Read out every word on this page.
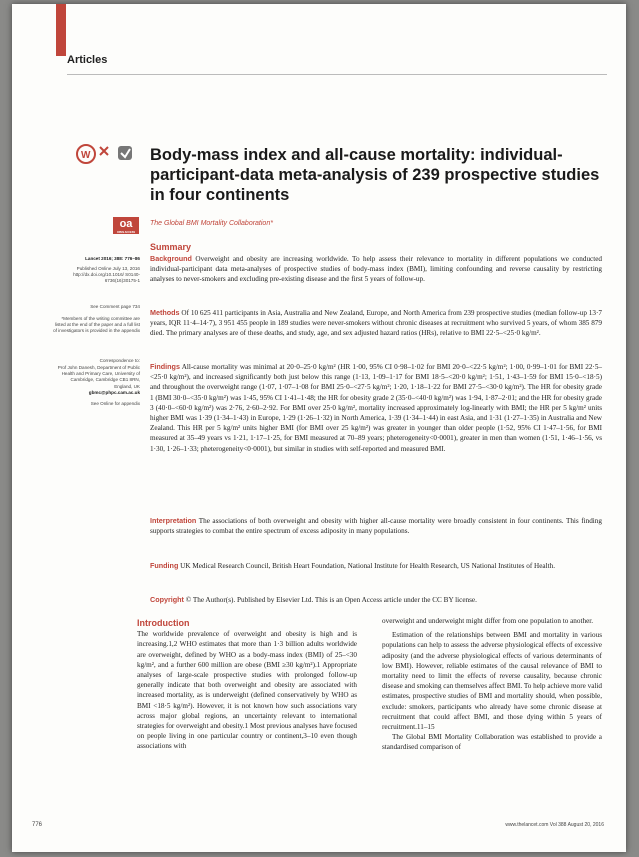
Articles
W	Body-mass index and all-cause mortality: individual-participant-data meta-analysis of 239 prospective studies in four continents
oa
OPEN ACCESS
The Global BMI Mortality Collaboration*
Lancet 2016; 388: 776–86
Published Online July 13, 2016 http://dx.doi.org/10.1016/ S0140-6736(16)30175-1
See Comment page 734
*Members of the writing committee are listed at the end of the paper and a full list of investigators is provided in the appendix
Correspondence to:
Prof John Danesh, Department of Public Health and Primary Care, University of Cambridge, Cambridge CB1 8RN, England, UK
gbmc@phpc.cam.ac.uk
See Online for appendix
Summary
Background Overweight and obesity are increasing worldwide. To help assess their relevance to mortality in different populations we conducted individual-participant data meta-analyses of prospective studies of body-mass index (BMI), limiting confounding and reverse causality by restricting analyses to never-smokers and excluding pre-existing disease and the first 5 years of follow-up.
Methods Of 10 625 411 participants in Asia, Australia and New Zealand, Europe, and North America from 239 prospective studies (median follow-up 13·7 years, IQR 11·4–14·7), 3 951 455 people in 189 studies were never-smokers without chronic diseases at recruitment who survived 5 years, of whom 385 879 died. The primary analyses are of these deaths, and study, age, and sex adjusted hazard ratios (HRs), relative to BMI 22·5–<25·0 kg/m².
Findings All-cause mortality was minimal at 20·0–25·0 kg/m² (HR 1·00, 95% CI 0·98–1·02 for BMI 20·0–<22·5 kg/m²; 1·00, 0·99–1·01 for BMI 22·5–<25·0 kg/m²), and increased significantly both just below this range (1·13, 1·09–1·17 for BMI 18·5–<20·0 kg/m²; 1·51, 1·43–1·59 for BMI 15·0–<18·5) and throughout the overweight range (1·07, 1·07–1·08 for BMI 25·0–<27·5 kg/m²; 1·20, 1·18–1·22 for BMI 27·5–<30·0 kg/m²). The HR for obesity grade 1 (BMI 30·0–<35·0 kg/m²) was 1·45, 95% CI 1·41–1·48; the HR for obesity grade 2 (35·0–<40·0 kg/m²) was 1·94, 1·87–2·01; and the HR for obesity grade 3 (40·0–<60·0 kg/m²) was 2·76, 2·60–2·92. For BMI over 25·0 kg/m², mortality increased approximately log-linearly with BMI; the HR per 5 kg/m² units higher BMI was 1·39 (1·34–1·43) in Europe, 1·29 (1·26–1·32) in North America, 1·39 (1·34–1·44) in east Asia, and 1·31 (1·27–1·35) in Australia and New Zealand. This HR per 5 kg/m² units higher BMI (for BMI over 25 kg/m²) was greater in younger than older people (1·52, 95% CI 1·47–1·56, for BMI measured at 35–49 years vs 1·21, 1·17–1·25, for BMI measured at 70–89 years; pheterogeneity<0·0001), greater in men than women (1·51, 1·46–1·56, vs 1·30, 1·26–1·33; pheterogeneity<0·0001), but similar in studies with self-reported and measured BMI.
Interpretation The associations of both overweight and obesity with higher all-cause mortality were broadly consistent in four continents. This finding supports strategies to combat the entire spectrum of excess adiposity in many populations.
Funding UK Medical Research Council, British Heart Foundation, National Institute for Health Research, US National Institutes of Health.
Copyright © The Author(s). Published by Elsevier Ltd. This is an Open Access article under the CC BY license.
Introduction
The worldwide prevalence of overweight and obesity is high and is increasing.1,2 WHO estimates that more than 1·3 billion adults worldwide are overweight, defined by WHO as a body-mass index (BMI) of 25–<30 kg/m², and a further 600 million are obese (BMI ≥30 kg/m²).1 Appropriate analyses of large-scale prospective studies with prolonged follow-up generally indicate that both overweight and obesity are associated with increased mortality, as is underweight (defined conservatively by WHO as BMI <18·5 kg/m²). However, it is not known how such associations vary across major global regions, an uncertainty relevant to international strategies for overweight and obesity.1 Most previous analyses have focused on people living in one particular country or continent,3–10 even though associations with
overweight and underweight might differ from one population to another.
Estimation of the relationships between BMI and mortality in various populations can help to assess the adverse physiological effects of excessive adiposity (and the adverse physiological effects of various determinants of low BMI). However, reliable estimates of the causal relevance of BMI to mortality need to limit the effects of reverse causality, because chronic disease and smoking can themselves affect BMI. To help achieve more valid estimates, prospective studies of BMI and mortality should, when possible, exclude: smokers, participants who already have some chronic disease at recruitment that could affect BMI, and those dying within 5 years of recruitment.11–15
The Global BMI Mortality Collaboration was established to provide a standardised comparison of
776	www.thelancet.com Vol 388 August 20, 2016
